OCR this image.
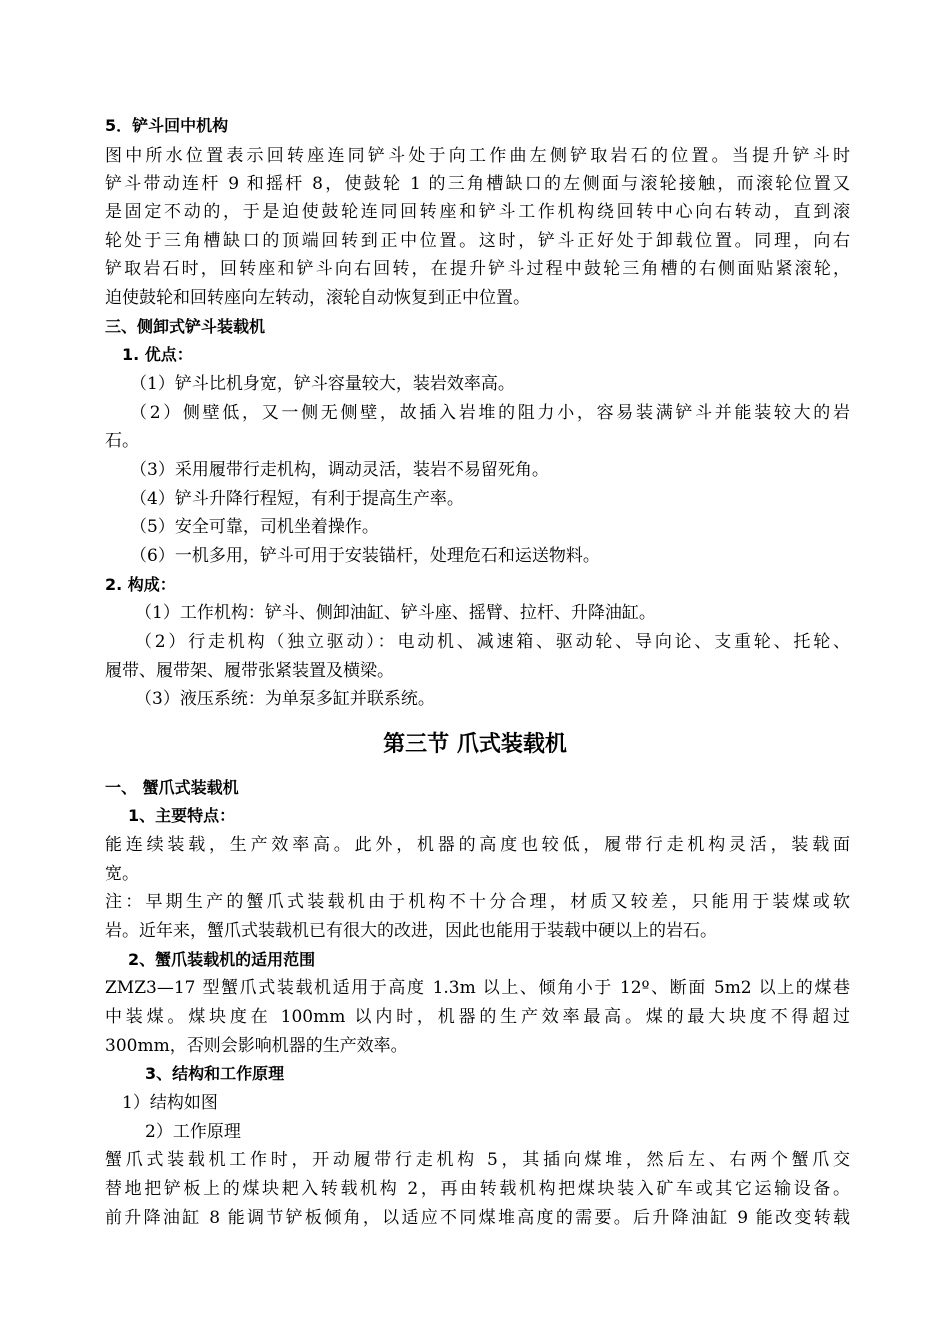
5．铲斗回中机构
图中所水位置表示回转座连同铲斗处于向工作曲左侧铲取岩石的位置。当提升铲斗时
铲斗带动连杆 9 和摇杆 8，使鼓轮 1 的三角槽缺口的左侧面与滚轮接触，而滚轮位置又
是固定不动的，于是迫使鼓轮连同回转座和铲斗工作机构绕回转中心向右转动，直到滚
轮处于三角槽缺口的顶端回转到正中位置。这时，铲斗正好处于卸载位置。同理，向右
铲取岩石时，回转座和铲斗向右回转，在提升铲斗过程中鼓轮三角槽的右侧面贴紧滚轮，
迫使鼓轮和回转座向左转动，滚轮自动恢复到正中位置。
三、侧卸式铲斗装载机
1. 优点：
（1）铲斗比机身宽，铲斗容量较大，装岩效率高。
（2）侧壁低，又一侧无侧壁，故插入岩堆的阻力小，容易装满铲斗并能装较大的岩
石。
（3）采用履带行走机构，调动灵活，装岩不易留死角。
（4）铲斗升降行程短，有利于提高生产率。
（5）安全可靠，司机坐着操作。
（6）一机多用，铲斗可用于安装锚杆，处理危石和运送物料。
2. 构成：
（1）工作机构：铲斗、侧卸油缸、铲斗座、摇臂、拉杆、升降油缸。
（2）行走机构（独立驱动）：电动机、减速箱、驱动轮、导向论、支重轮、托轮、
履带、履带架、履带张紧装置及横梁。
（3）液压系统：为单泵多缸并联系统。
第三节 爪式装载机
一、 蟹爪式装载机
1、主要特点：
能连续装载，生产效率高。此外，机器的高度也较低，履带行走机构灵活，装载面
宽。
注：早期生产的蟹爪式装载机由于机构不十分合理，材质又较差，只能用于装煤或软
岩。近年来，蟹爪式装载机已有很大的改进，因此也能用于装载中硬以上的岩石。
2、蟹爪装载机的适用范围
ZMZ3—17 型蟹爪式装载机适用于高度 1.3m 以上、倾角小于 12º、断面 5m2 以上的煤巷
中装煤。煤块度在 100mm 以内时，机器的生产效率最高。煤的最大块度不得超过
300mm，否则会影响机器的生产效率。
3、结构和工作原理
1）结构如图
2）工作原理
蟹爪式装载机工作时，开动履带行走机构 5，其插向煤堆，然后左、右两个蟹爪交
替地把铲板上的煤块耙入转载机构 2，再由转载机构把煤块装入矿车或其它运输设备。
前升降油缸 8 能调节铲板倾角，以适应不同煤堆高度的需要。后升降油缸 9 能改变转载
